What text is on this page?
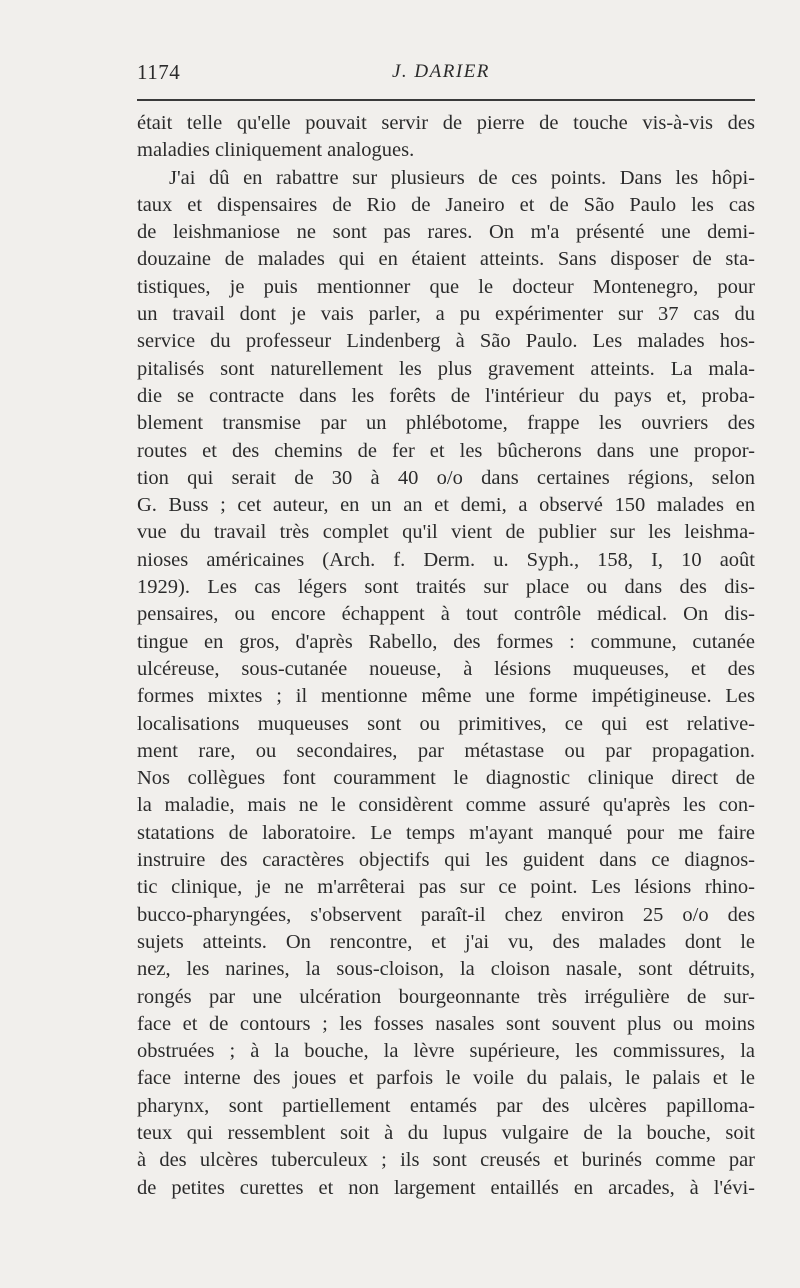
1174	J. DARIER
était telle qu'elle pouvait servir de pierre de touche vis-à-vis des
maladies cliniquement analogues.
J'ai dû en rabattre sur plusieurs de ces points. Dans les hôpi-
taux et dispensaires de Rio de Janeiro et de São Paulo les cas
de leishmaniose ne sont pas rares. On m'a présenté une demi-
douzaine de malades qui en étaient atteints. Sans disposer de sta-
tistiques, je puis mentionner que le docteur Montenegro, pour
un travail dont je vais parler, a pu expérimenter sur 37 cas du
service du professeur Lindenberg à São Paulo. Les malades hos-
pitalisés sont naturellement les plus gravement atteints. La mala-
die se contracte dans les forêts de l'intérieur du pays et, proba-
blement transmise par un phlébotome, frappe les ouvriers des
routes et des chemins de fer et les bûcherons dans une propor-
tion qui serait de 30 à 40 o/o dans certaines régions, selon
G. Buss ; cet auteur, en un an et demi, a observé 150 malades en
vue du travail très complet qu'il vient de publier sur les leishma-
nioses américaines (Arch. f. Derm. u. Syph., 158, I, 10 août
1929). Les cas légers sont traités sur place ou dans des dis-
pensaires, ou encore échappent à tout contrôle médical. On dis-
tingue en gros, d'après Rabello, des formes : commune, cutanée
ulcéreuse, sous-cutanée noueuse, à lésions muqueuses, et des
formes mixtes ; il mentionne même une forme impétigineuse. Les
localisations muqueuses sont ou primitives, ce qui est relative-
ment rare, ou secondaires, par métastase ou par propagation.
Nos collègues font couramment le diagnostic clinique direct de
la maladie, mais ne le considèrent comme assuré qu'après les con-
statations de laboratoire. Le temps m'ayant manqué pour me faire
instruire des caractères objectifs qui les guident dans ce diagnos-
tic clinique, je ne m'arrêterai pas sur ce point. Les lésions rhino-
bucco-pharyngées, s'observent paraît-il chez environ 25 o/o des
sujets atteints. On rencontre, et j'ai vu, des malades dont le
nez, les narines, la sous-cloison, la cloison nasale, sont détruits,
rongés par une ulcération bourgeonnante très irrégulière de sur-
face et de contours ; les fosses nasales sont souvent plus ou moins
obstruées ; à la bouche, la lèvre supérieure, les commissures, la
face interne des joues et parfois le voile du palais, le palais et le
pharynx, sont partiellement entamés par des ulcères papilloma-
teux qui ressemblent soit à du lupus vulgaire de la bouche, soit
à des ulcères tuberculeux ; ils sont creusés et burinés comme par
de petites curettes et non largement entaillés en arcades, à l'évi-
